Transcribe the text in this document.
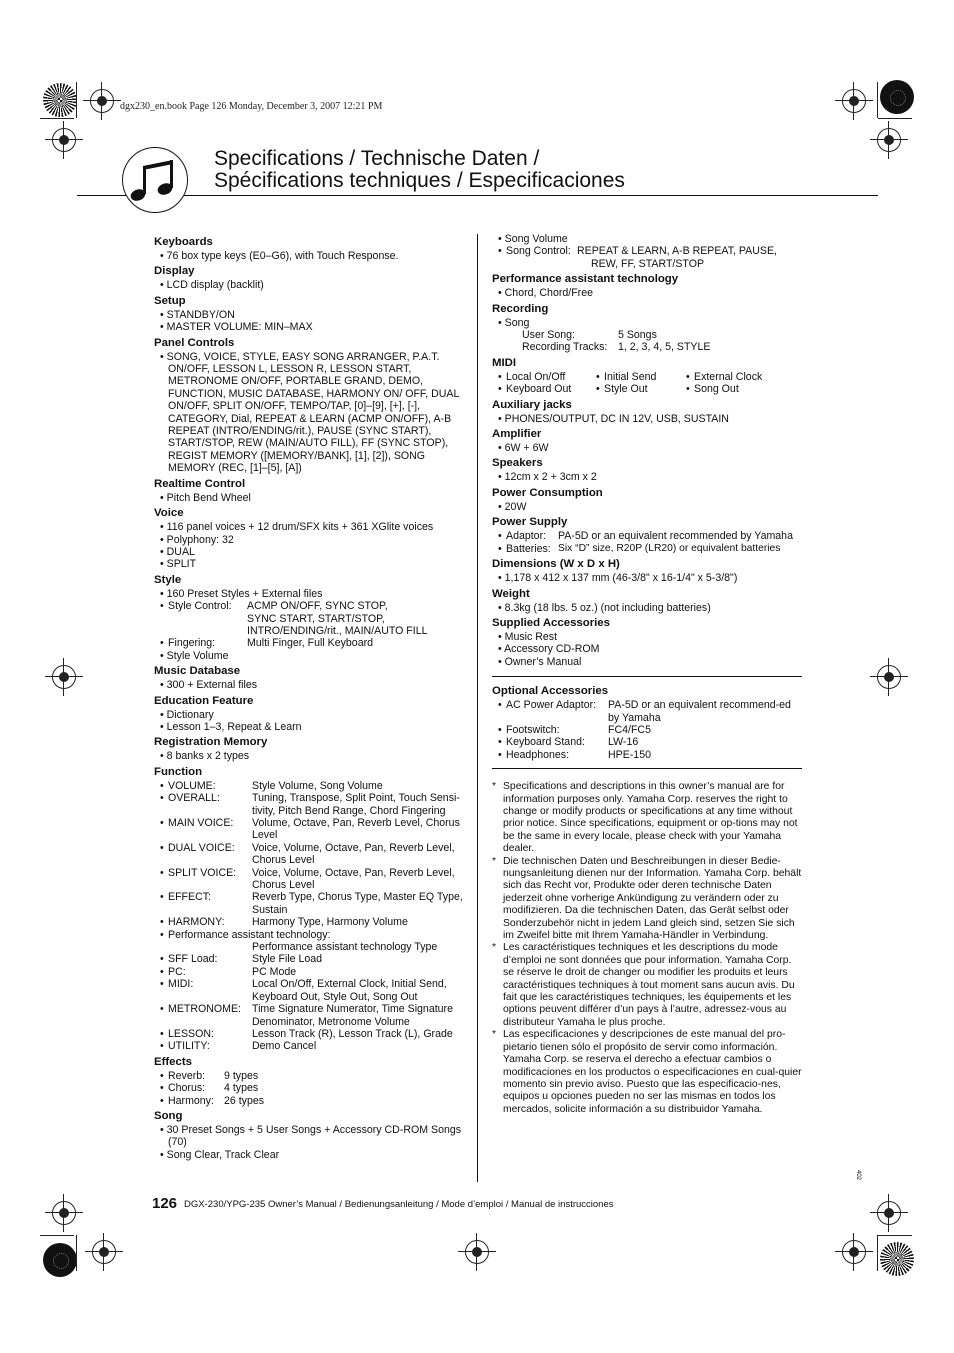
dgx230_en.book Page 126 Monday, December 3, 2007 12:21 PM
Specifications / Technische Daten /
Spécifications techniques / Especificaciones
Keyboards
• 76 box type keys (E0–G6), with Touch Response.
Display
• LCD display (backlit)
Setup
• STANDBY/ON
• MASTER VOLUME: MIN–MAX
Panel Controls
• SONG, VOICE, STYLE, EASY SONG ARRANGER, P.A.T. ON/OFF, LESSON L, LESSON R, LESSON START, METRONOME ON/OFF, PORTABLE GRAND, DEMO, FUNCTION, MUSIC DATABASE, HARMONY ON/ OFF, DUAL ON/OFF, SPLIT ON/OFF, TEMPO/TAP, [0]–[9], [+], [-], CATEGORY, Dial, REPEAT & LEARN (ACMP ON/OFF), A-B REPEAT (INTRO/ENDING/rit.), PAUSE (SYNC START), START/STOP, REW (MAIN/AUTO FILL), FF (SYNC STOP), REGIST MEMORY ([MEMORY/BANK], [1], [2]), SONG MEMORY (REC, [1]–[5], [A])
Realtime Control
• Pitch Bend Wheel
Voice
• 116 panel voices + 12 drum/SFX kits + 361 XGlite voices
• Polyphony: 32
• DUAL
• SPLIT
Style
• 160 Preset Styles + External files
• Style Control:	ACMP ON/OFF, SYNC STOP,
SYNC START, START/STOP,
INTRO/ENDING/rit., MAIN/AUTO FILL
• Fingering:	Multi Finger, Full Keyboard
• Style Volume
Music Database
• 300 + External files
Education Feature
• Dictionary
• Lesson 1–3, Repeat & Learn
Registration Memory
• 8 banks x 2 types
Function
• VOLUME:	Style Volume, Song Volume
• OVERALL:	Tuning, Transpose, Split Point, Touch Sensi-tivity, Pitch Bend Range, Chord Fingering
• MAIN VOICE:	Volume, Octave, Pan, Reverb Level, Chorus Level
• DUAL VOICE:	Voice, Volume, Octave, Pan, Reverb Level, Chorus Level
• SPLIT VOICE:	Voice, Volume, Octave, Pan, Reverb Level, Chorus Level
• EFFECT:	Reverb Type, Chorus Type, Master EQ Type, Sustain
• HARMONY:	Harmony Type, Harmony Volume
• Performance assistant technology:
Performance assistant technology Type
• SFF Load:	Style File Load
• PC:	PC Mode
• MIDI:	Local On/Off, External Clock, Initial Send, Keyboard Out, Style Out, Song Out
• METRONOME:	Time Signature Numerator, Time Signature Denominator, Metronome Volume
• LESSON:	Lesson Track (R), Lesson Track (L), Grade
• UTILITY:	Demo Cancel
Effects
• Reverb:	9 types
• Chorus:	4 types
• Harmony: 26 types
Song
• 30 Preset Songs + 5 User Songs + Accessory CD-ROM Songs (70)
• Song Clear, Track Clear
• Song Volume
• Song Control: REPEAT & LEARN, A-B REPEAT, PAUSE,
REW, FF, START/STOP
Performance assistant technology
• Chord, Chord/Free
Recording
• Song
User Song:	5 Songs
Recording Tracks:	1, 2, 3, 4, 5, STYLE
MIDI
• Local On/Off	• Initial Send	• External Clock
• Keyboard Out	• Style Out	• Song Out
Auxiliary jacks
• PHONES/OUTPUT, DC IN 12V, USB, SUSTAIN
Amplifier
• 6W + 6W
Speakers
• 12cm x 2 + 3cm x 2
Power Consumption
• 20W
Power Supply
• Adaptor:	PA-5D or an equivalent recommended by Yamaha
• Batteries: Six “D” size, R20P (LR20) or equivalent batteries
Dimensions (W x D x H)
• 1,178 x 412 x 137 mm (46-3/8" x 16-1/4" x 5-3/8")
Weight
• 8.3kg (18 lbs. 5 oz.) (not including batteries)
Supplied Accessories
• Music Rest
• Accessory CD-ROM
• Owner’s Manual
Optional Accessories
• AC Power Adaptor:	PA-5D or an equivalent recommend-ed by Yamaha
• Footswitch:	FC4/FC5
• Keyboard Stand:	LW-16
• Headphones:	HPE-150
* Specifications and descriptions in this owner’s manual are for information purposes only. Yamaha Corp. reserves the right to change or modify products or specifications at any time without prior notice. Since specifications, equipment or op-tions may not be the same in every locale, please check with your Yamaha dealer.
* Die technischen Daten und Beschreibungen in dieser Bedie-nungsanleitung dienen nur der Information. Yamaha Corp. behält sich das Recht vor, Produkte oder deren technische Daten jederzeit ohne vorherige Ankündigung zu verändern oder zu modifizieren. Da die technischen Daten, das Gerät selbst oder Sonderzubehör nicht in jedem Land gleich sind, setzen Sie sich im Zweifel bitte mit Ihrem Yamaha-Händler in Verbindung.
* Les caractéristiques techniques et les descriptions du mode d’emploi ne sont données que pour information. Yamaha Corp. se réserve le droit de changer ou modifier les produits et leurs caractéristiques techniques à tout moment sans aucun avis. Du fait que les caractéristiques techniques, les équipements et les options peuvent différer d’un pays à l’autre, adressez-vous au distributeur Yamaha le plus proche.
* Las especificaciones y descripciones de este manual del pro-pietario tienen sólo el propósito de servir como información. Yamaha Corp. se reserva el derecho a efectuar cambios o modificaciones en los productos o especificaciones en cual-quier momento sin previo aviso. Puesto que las especificacio-nes, equipos u opciones pueden no ser las mismas en todos los mercados, solicite información a su distribuidor Yamaha.
402
126 DGX-230/YPG-235 Owner’s Manual / Bedienungsanleitung / Mode d’emploi / Manual de instrucciones
